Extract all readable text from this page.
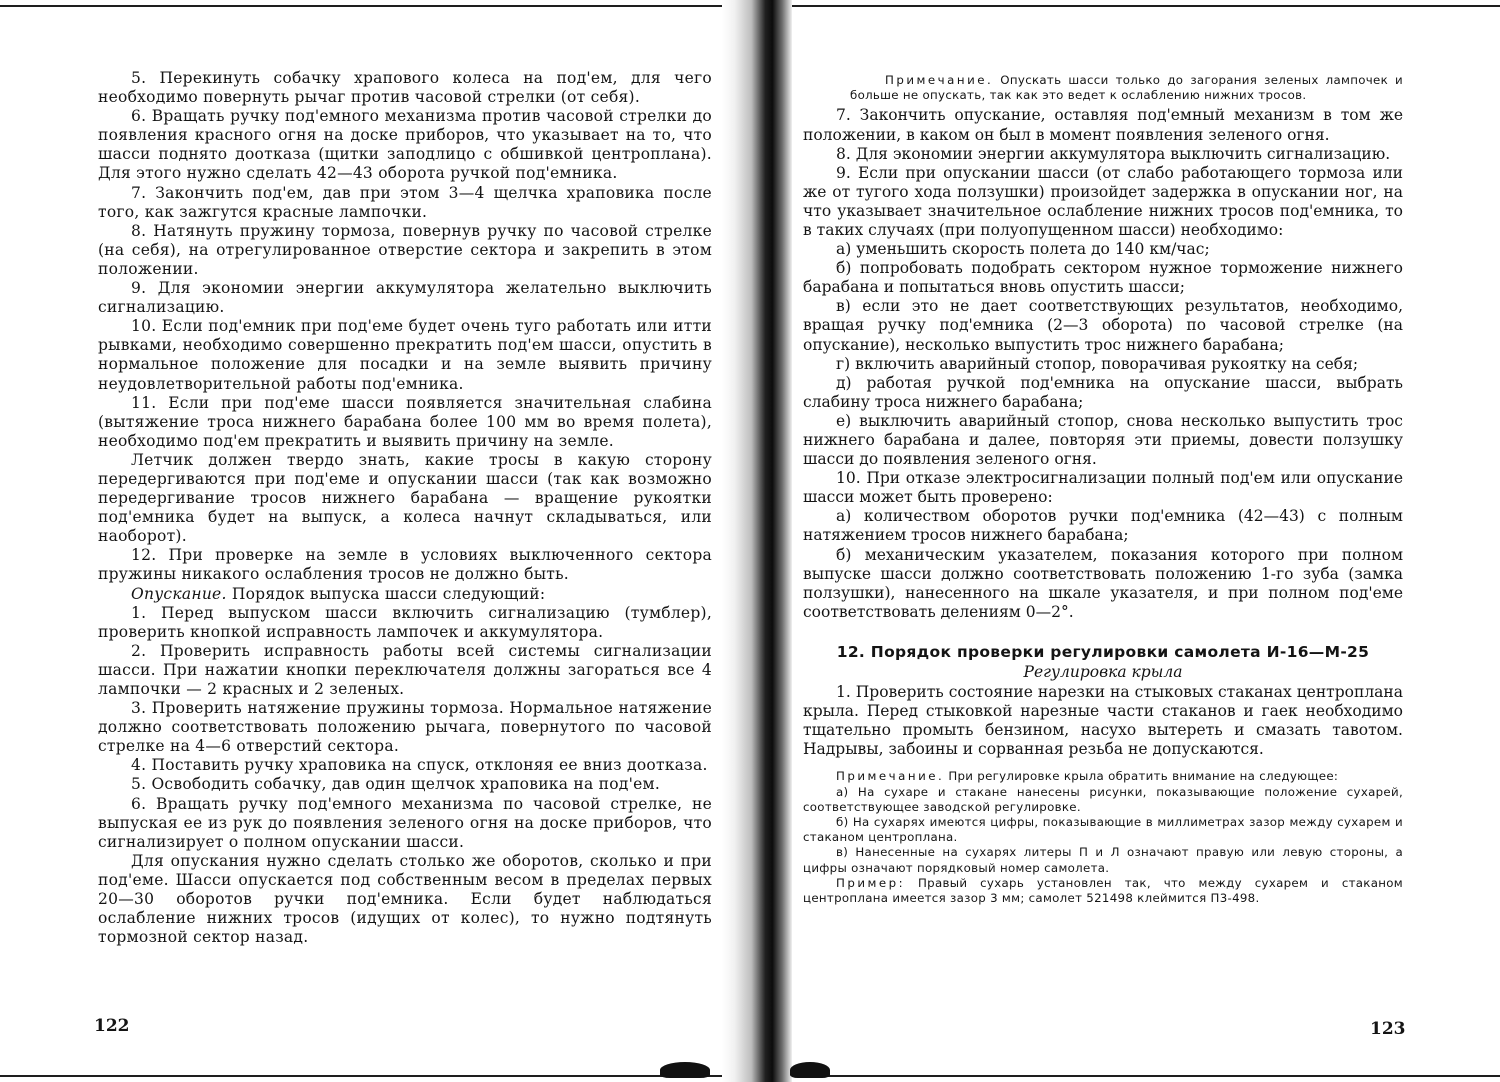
5. Перекинуть собачку храпового колеса на под'ем, для чего необходимо повернуть рычаг против часовой стрелки (от себя).

6. Вращать ручку под'емного механизма против часовой стрелки до появления красного огня на доске приборов, что указывает на то, что шасси поднято доотказа (щитки заподлицо с обшивкой центроплана). Для этого нужно сделать 42—43 оборота ручкой под'емника.

7. Закончить под'ем, дав при этом 3—4 щелчка храповика после того, как зажгутся красные лампочки.

8. Натянуть пружину тормоза, повернув ручку по часовой стрелке (на себя), на отрегулированное отверстие сектора и закрепить в этом положении.

9. Для экономии энергии аккумулятора желательно выключить сигнализацию.

10. Если под'емник при под'еме будет очень туго работать или итти рывками, необходимо совершенно прекратить под'ем шасси, опустить в нормальное положение для посадки и на земле выявить причину неудовлетворительной работы под'емника.

11. Если при под'еме шасси появляется значительная слабина (вытяжение троса нижнего барабана более 100 мм во время полета), необходимо под'ем прекратить и выявить причину на земле.

Летчик должен твердо знать, какие тросы в какую сторону передергиваются при под'еме и опускании шасси (так как возможно передергивание тросов нижнего барабана — вращение рукоятки под'емника будет на выпуск, а колеса начнут складываться, или наоборот).

12. При проверке на земле в условиях выключенного сектора пружины никакого ослабления тросов не должно быть.

Опускание. Порядок выпуска шасси следующий:

1. Перед выпуском шасси включить сигнализацию (тумблер), проверить кнопкой исправность лампочек и аккумулятора.

2. Проверить исправность работы всей системы сигнализации шасси. При нажатии кнопки переключателя должны загораться все 4 лампочки — 2 красных и 2 зеленых.

3. Проверить натяжение пружины тормоза. Нормальное натяжение должно соответствовать положению рычага, повернутого по часовой стрелке на 4—6 отверстий сектора.

4. Поставить ручку храповика на спуск, отклоняя ее вниз доотказа.

5. Освободить собачку, дав один щелчок храповика на под'ем.

6. Вращать ручку под'емного механизма по часовой стрелке, не выпуская ее из рук до появления зеленого огня на доске приборов, что сигнализирует о полном опускании шасси.

Для опускания нужно сделать столько же оборотов, сколько и при под'еме. Шасси опускается под собственным весом в пределах первых 20—30 оборотов ручки под'емника. Если будет наблюдаться ослабление нижних тросов (идущих от колес), то нужно подтянуть тормозной сектор назад.

122

Примечание. Опускать шасси только до загорания зеленых лампочек и больше не опускать, так как это ведет к ослаблению нижних тросов.

7. Закончить опускание, оставляя под'емный механизм в том же положении, в каком он был в момент появления зеленого огня.

8. Для экономии энергии аккумулятора выключить сигнализацию.

9. Если при опускании шасси (от слабо работающего тормоза или же от тугого хода ползушки) произойдет задержка в опускании ног, на что указывает значительное ослабление нижних тросов под'емника, то в таких случаях (при полуопущенном шасси) необходимо:

а) уменьшить скорость полета до 140 км/час;

б) попробовать подобрать сектором нужное торможение нижнего барабана и попытаться вновь опустить шасси;

в) если это не дает соответствующих результатов, необходимо, вращая ручку под'емника (2—3 оборота) по часовой стрелке (на опускание), несколько выпустить трос нижнего барабана;

г) включить аварийный стопор, поворачивая рукоятку на себя;

д) работая ручкой под'емника на опускание шасси, выбрать слабину троса нижнего барабана;

е) выключить аварийный стопор, снова несколько выпустить трос нижнего барабана и далее, повторяя эти приемы, довести ползушку шасси до появления зеленого огня.

10. При отказе электросигнализации полный под'ем или опускание шасси может быть проверено:

а) количеством оборотов ручки под'емника (42—43) с полным натяжением тросов нижнего барабана;

б) механическим указателем, показания которого при полном выпуске шасси должно соответствовать положению 1-го зуба (замка ползушки), нанесенного на шкале указателя, и при полном под'еме соответствовать делениям 0—2°.

12. Порядок проверки регулировки самолета И-16—М-25
Регулировка крыла

1. Проверить состояние нарезки на стыковых стаканах центроплана крыла. Перед стыковкой нарезные части стаканов и гаек необходимо тщательно промыть бензином, насухо вытереть и смазать тавотом. Надрывы, забоины и сорванная резьба не допускаются.

Примечание. При регулировке крыла обратить внимание на следующее:

а) На сухаре и стакане нанесены рисунки, показывающие положение сухарей, соответствующее заводской регулировке.

б) На сухарях имеются цифры, показывающие в миллиметрах зазор между сухарем и стаканом центроплана.

в) Нанесенные на сухарях литеры П и Л означают правую или левую стороны, а цифры означают порядковый номер самолета.

Пример: Правый сухарь установлен так, что между сухарем и стаканом центроплана имеется зазор 3 мм; самолет 521498 клеймится П3-498.

123
